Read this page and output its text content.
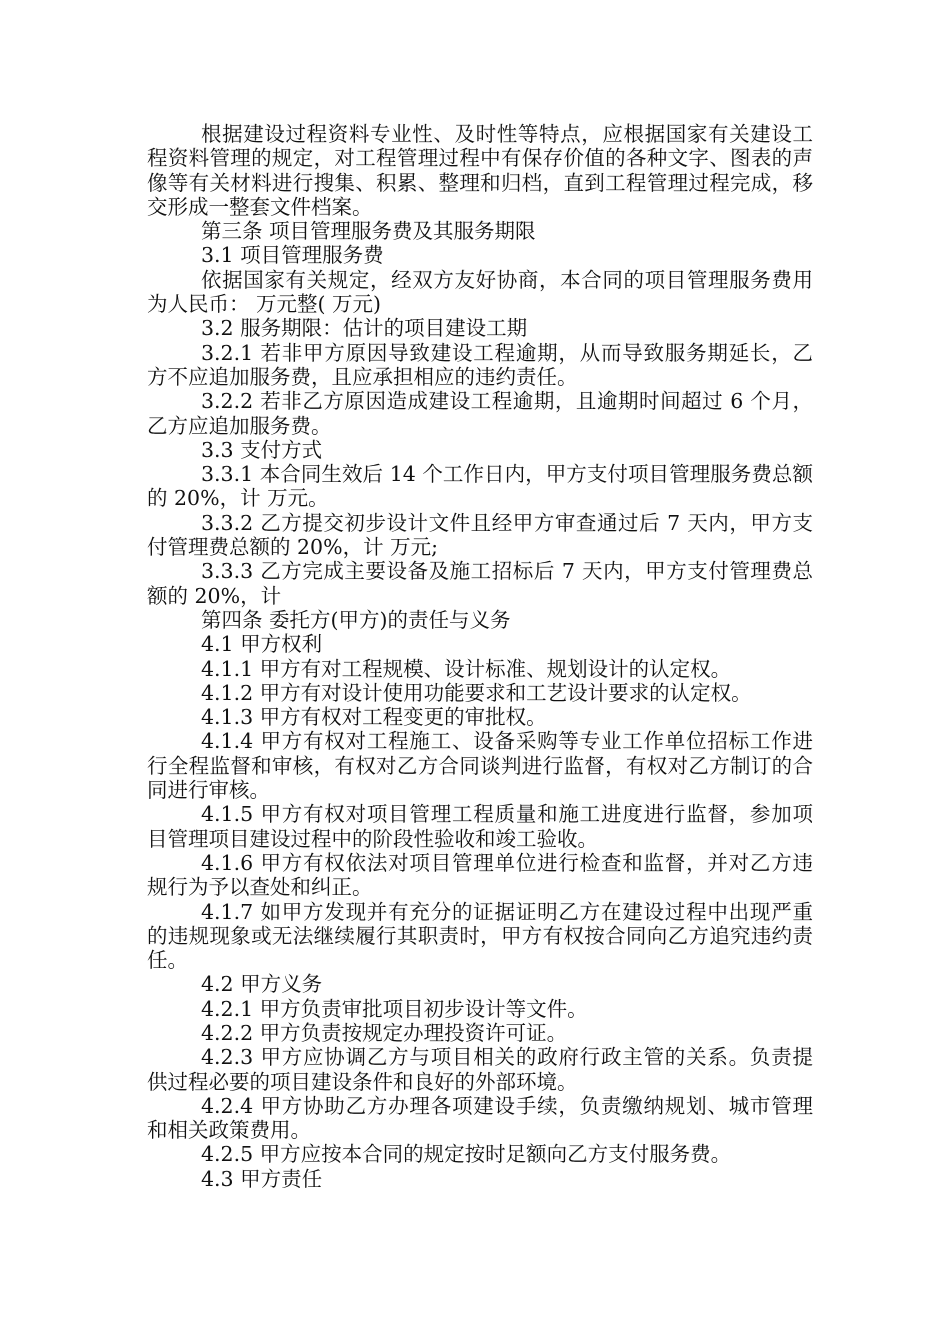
根据建设过程资料专业性、及时性等特点，应根据国家有关建设工程资料管理的规定，对工程管理过程中有保存价值的各种文字、图表的声像等有关材料进行搜集、积累、整理和归档，直到工程管理过程完成，移交形成一整套文件档案。

第三条 项目管理服务费及其服务期限

3.1 项目管理服务费

依据国家有关规定，经双方友好协商，本合同的项目管理服务费用为人民币： 万元整( 万元)

3.2 服务期限：估计的项目建设工期

3.2.1 若非甲方原因导致建设工程逾期，从而导致服务期延长，乙方不应追加服务费，且应承担相应的违约责任。

3.2.2 若非乙方原因造成建设工程逾期，且逾期时间超过 6 个月，乙方应追加服务费。

3.3 支付方式

3.3.1 本合同生效后 14 个工作日内，甲方支付项目管理服务费总额的 20%，计 万元。

3.3.2 乙方提交初步设计文件且经甲方审查通过后 7 天内，甲方支付管理费总额的 20%，计 万元;

3.3.3 乙方完成主要设备及施工招标后 7 天内，甲方支付管理费总额的 20%，计

第四条 委托方(甲方)的责任与义务

4.1 甲方权利

4.1.1 甲方有对工程规模、设计标准、规划设计的认定权。

4.1.2 甲方有对设计使用功能要求和工艺设计要求的认定权。

4.1.3 甲方有权对工程变更的审批权。

4.1.4 甲方有权对工程施工、设备采购等专业工作单位招标工作进行全程监督和审核，有权对乙方合同谈判进行监督，有权对乙方制订的合同进行审核。

4.1.5 甲方有权对项目管理工程质量和施工进度进行监督，参加项目管理项目建设过程中的阶段性验收和竣工验收。

4.1.6 甲方有权依法对项目管理单位进行检查和监督，并对乙方违规行为予以查处和纠正。

4.1.7 如甲方发现并有充分的证据证明乙方在建设过程中出现严重的违规现象或无法继续履行其职责时，甲方有权按合同向乙方追究违约责任。

4.2 甲方义务

4.2.1 甲方负责审批项目初步设计等文件。

4.2.2 甲方负责按规定办理投资许可证。

4.2.3 甲方应协调乙方与项目相关的政府行政主管的关系。负责提供过程必要的项目建设条件和良好的外部环境。

4.2.4 甲方协助乙方办理各项建设手续，负责缴纳规划、城市管理和相关政策费用。

4.2.5 甲方应按本合同的规定按时足额向乙方支付服务费。

4.3 甲方责任
